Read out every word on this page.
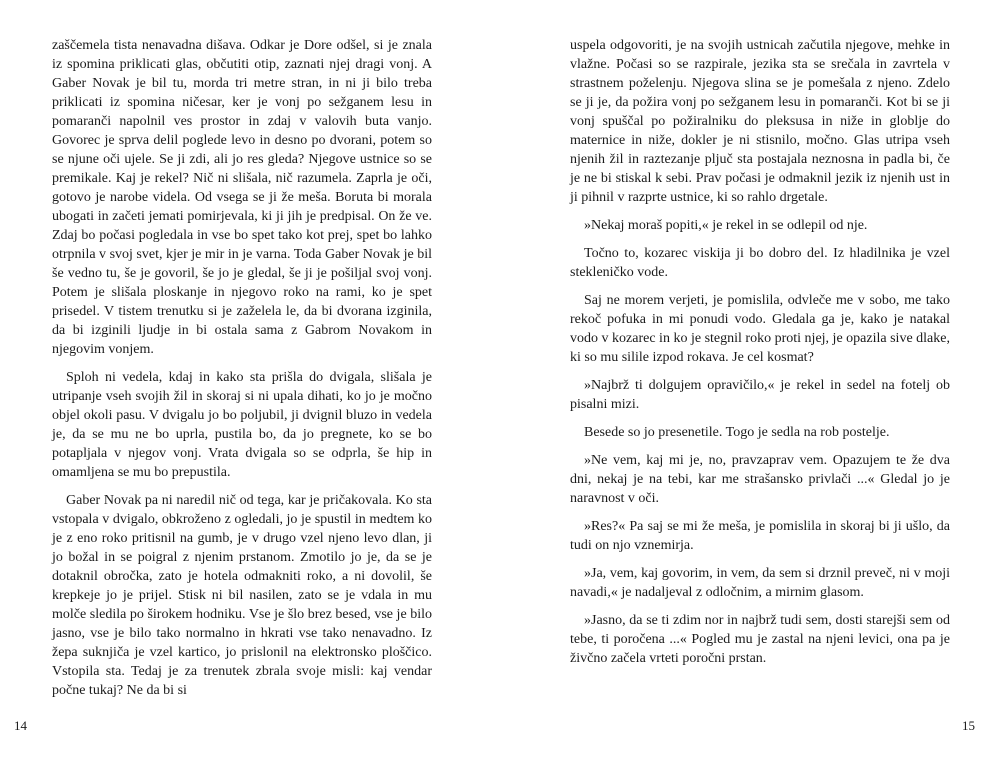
zaščemela tista nenavadna dišava. Odkar je Dore odšel, si je znala iz spomina priklicati glas, občutiti otip, zaznati njej dragi vonj. A Gaber Novak je bil tu, morda tri metre stran, in ni ji bilo treba priklicati iz spomina ničesar, ker je vonj po sežganem lesu in pomaranči napolnil ves prostor in zdaj v valovih buta vanjo. Govorec je sprva delil poglede levo in desno po dvorani, potem so se njune oči ujele. Se ji zdi, ali jo res gleda? Njegove ustnice so se premikale. Kaj je rekel? Nič ni slišala, nič razumela. Zaprla je oči, gotovo je narobe videla. Od vsega se ji že meša. Boruta bi morala ubogati in začeti jemati pomirjevala, ki ji jih je predpisal. On že ve. Zdaj bo počasi pogledala in vse bo spet tako kot prej, spet bo lahko otrpnila v svoj svet, kjer je mir in je varna. Toda Gaber Novak je bil še vedno tu, še je govoril, še jo je gledal, še ji je pošiljal svoj vonj. Potem je slišala ploskanje in njegovo roko na rami, ko je spet prisedel. V tistem trenutku si je zaželela le, da bi dvorana izginila, da bi izginili ljudje in bi ostala sama z Gabrom Novakom in njegovim vonjem.

Sploh ni vedela, kdaj in kako sta prišla do dvigala, slišala je utripanje vseh svojih žil in skoraj si ni upala dihati, ko jo je močno objel okoli pasu. V dvigalu jo bo poljubil, ji dvignil bluzo in vedela je, da se mu ne bo uprla, pustila bo, da jo pregnete, ko se bo potapljala v njegov vonj. Vrata dvigala so se odprla, še hip in omamljena se mu bo prepustila.

Gaber Novak pa ni naredil nič od tega, kar je pričakovala. Ko sta vstopala v dvigalo, obkroženo z ogledali, jo je spustil in medtem ko je z eno roko pritisnil na gumb, je v drugo vzel njeno levo dlan, ji jo božal in se poigral z njenim prstanom. Zmotilo jo je, da se je dotaknil obročka, zato je hotela odmakniti roko, a ni dovolil, še krepkeje jo je prijel. Stisk ni bil nasilen, zato se je vdala in mu molče sledila po širokem hodniku. Vse je šlo brez besed, vse je bilo jasno, vse je bilo tako normalno in hkrati vse tako nenavadno. Iz žepa suknjiča je vzel kartico, jo prislonil na elektronsko ploščico. Vstopila sta. Tedaj je za trenutek zbrala svoje misli: kaj vendar počne tukaj? Ne da bi si

14

uspela odgovoriti, je na svojih ustnicah začutila njegove, mehke in vlažne. Počasi so se razpirale, jezika sta se srečala in zavrtela v strastnem poželenju. Njegova slina se je pomešala z njeno. Zdelo se ji je, da požira vonj po sežganem lesu in pomaranči. Kot bi se ji vonj spuščal po požiralniku do pleksusa in niže in globlje do maternice in niže, dokler je ni stisnilo, močno. Glas utripa vseh njenih žil in raztezanje pljuč sta postajala neznosna in padla bi, če je ne bi stiskal k sebi. Prav počasi je odmaknil jezik iz njenih ust in ji pihnil v razprte ustnice, ki so rahlo drgetale.

»Nekaj moraš popiti,« je rekel in se odlepil od nje.

Točno to, kozarec viskija ji bo dobro del. Iz hladilnika je vzel stekleničko vode.

Saj ne morem verjeti, je pomislila, odvleče me v sobo, me tako rekoč pofuka in mi ponudi vodo. Gledala ga je, kako je natakal vodo v kozarec in ko je stegnil roko proti njej, je opazila sive dlake, ki so mu silile izpod rokava. Je cel kosmat?

»Najbrž ti dolgujem opravičilo,« je rekel in sedel na fotelj ob pisalni mizi.

Besede so jo presenetile. Togo je sedla na rob postelje.

»Ne vem, kaj mi je, no, pravzaprav vem. Opazujem te že dva dni, nekaj je na tebi, kar me strašansko privlači ...« Gledal jo je naravnost v oči.

»Res?« Pa saj se mi že meša, je pomislila in skoraj bi ji ušlo, da tudi on njo vznemirja.

»Ja, vem, kaj govorim, in vem, da sem si drznil preveč, ni v moji navadi,« je nadaljeval z odločnim, a mirnim glasom.

»Jasno, da se ti zdim nor in najbrž tudi sem, dosti starejši sem od tebe, ti poročena ...« Pogled mu je zastal na njeni levici, ona pa je živčno začela vrteti poročni prstan.

15
